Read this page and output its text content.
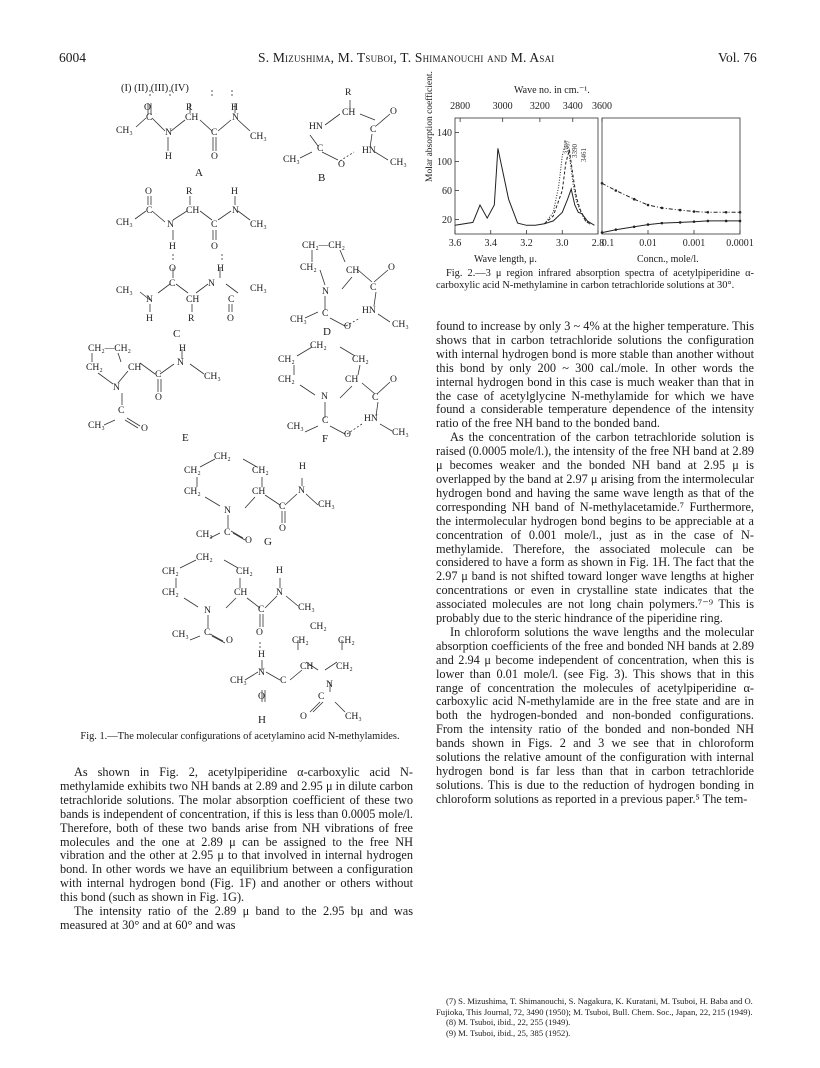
6004	S. Mizushima, M. Tsuboi, T. Shimanouchi and M. Asai	Vol. 76
(I) (II) (III) (IV)
O	R	H
CH₃
C
N
CH
C
N
CH₃
H	O
A
R
CH
HN
O
C
C	HN
CH₃	O	CH₃
B
O	R	H
CH₃
C
N
CH
C
N
CH₃
H	O
O	H
CH₃
N
C
CH
N
C
CH₃
H	R	O
C
CH₂—CH₂
CH₂	CH	O
C
N
HN
C
CH₃
O	CH₃
D
CH₂—CH₂
CH₂	CH
N
C
H
N
CH₃
O
C
CH₃	O
E
CH₂
CH₂	CH₂
CH₂	CH	O
C
N
C	HN
CH₃
O	CH₃
F
CH₂
CH₂	CH₂	H
CH₂	CH	N
N	C	CH₃
O
C
CH₃
O G
CH₂
CH₂	CH₂ H
CH₂	CH	N
CH₃
N	C
CH₂
C	O
CH₃
O	CH₂	CH₂
H
CH₃
N
C
CH CH₂
N
O	C
O	CH₃
H
Fig. 1.—The molecular configurations of acetylamino acid N-methylamides.

As shown in Fig. 2, acetylpiperidine α-carboxylic acid N-methylamide exhibits two NH bands at 2.89 and 2.95 μ in dilute carbon tetrachloride solutions. The molar absorption coefficient of these two bands is independent of concentration, if this is less than 0.0005 mole/l. Therefore, both of these two bands arise from NH vibrations of free molecules and the one at 2.89 μ can be assigned to the free NH vibration and the other at 2.95 μ to that involved in internal hydrogen bond. In other words we have an equilibrium between a configuration with internal hydrogen bond (Fig. 1F) and another or others without this bond (such as shown in Fig. 1G).

The intensity ratio of the 2.89 μ band to the 2.95 bμ and was measured at 30° and at 60° and was

Wave no. in cm.⁻¹.
Molar absorption coefficient. 140
100
60
20
2800 3000 3200 3400 3600
3.6 3.4 3.2 3.0 2.8
0.1	0.01	0.001 0.0001
3367 3390 3461
Wave length, μ.	Concn., mole/l.
Fig. 2.—3 μ region infrared absorption spectra of acetylpiperidine α-carboxylic acid N-methylamine in carbon tetrachloride solutions at 30°.

found to increase by only 3 ~ 4% at the higher temperature. This shows that in carbon tetrachloride solutions the configuration with internal hydrogen bond is more stable than another without this bond by only 200 ~ 300 cal./mole. In other words the internal hydrogen bond in this case is much weaker than that in the case of acetylglycine N-methylamide for which we have found a considerable temperature dependence of the intensity ratio of the free NH band to the bonded band.

As the concentration of the carbon tetrachloride solution is raised (0.0005 mole/l.), the intensity of the free NH band at 2.89 μ becomes weaker and the bonded NH band at 2.95 μ is overlapped by the band at 2.97 μ arising from the intermolecular hydrogen bond and having the same wave length as that of the corresponding NH band of N-methylacetamide.⁷ Furthermore, the intermolecular hydrogen bond begins to be appreciable at a concentration of 0.001 mole/l., just as in the case of N-methylamide. Therefore, the associated molecule can be considered to have a form as shown in Fig. 1H. The fact that the 2.97 μ band is not shifted toward longer wave lengths at higher concentrations or even in crystalline state indicates that the associated molecules are not long chain polymers.⁷⁻⁹ This is probably due to the steric hindrance of the piperidine ring.

In chloroform solutions the wave lengths and the molecular absorption coefficients of the free and bonded NH bands at 2.89 and 2.94 μ become independent of concentration, when this is lower than 0.01 mole/l. (see Fig. 3). This shows that in this range of concentration the molecules of acetylpiperidine α-carboxylic acid N-methylamide are in the free state and are in both the hydrogen-bonded and non-bonded configurations. From the intensity ratio of the bonded and non-bonded NH bands shown in Figs. 2 and 3 we see that in chloroform solutions the relative amount of the configuration with internal hydrogen bond is far less than that in carbon tetrachloride solutions. This is due to the reduction of hydrogen bonding in chloroform solutions as reported in a previous paper.⁵ The tem-

(7) S. Mizushima, T. Shimanouchi, S. Nagakura, K. Kuratani, M. Tsuboi, H. Baba and O. Fujioka, This Journal, 72, 3490 (1950); M. Tsuboi, Bull. Chem. Soc., Japan, 22, 215 (1949).
(8) M. Tsuboi, ibid., 22, 255 (1949).
(9) M. Tsuboi, ibid., 25, 385 (1952).
